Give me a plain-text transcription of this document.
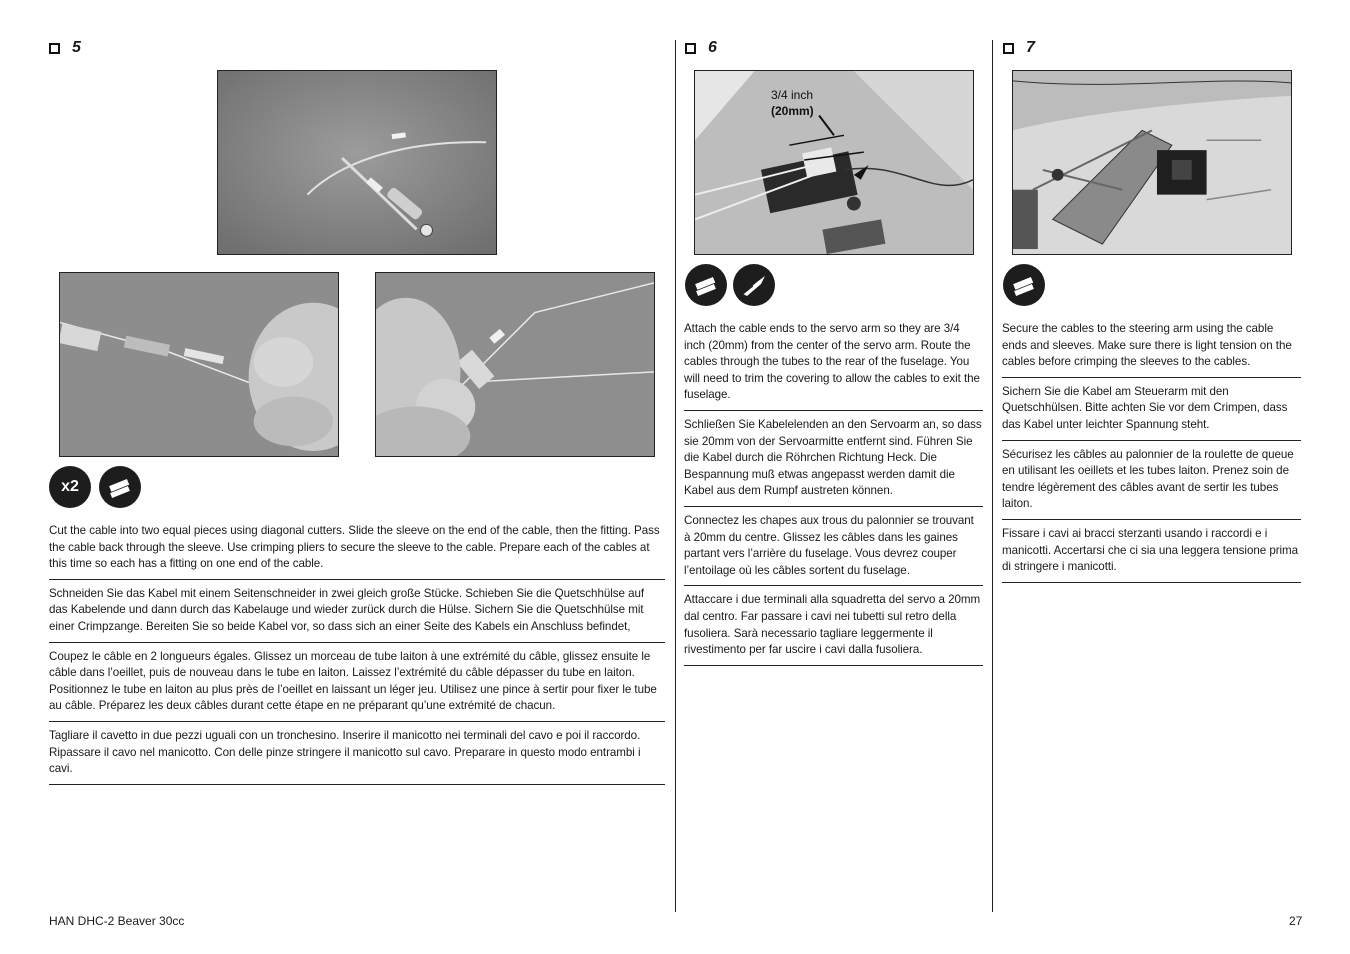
5
x2
Cut the cable into two equal pieces using diagonal cutters. Slide the sleeve on the end of the cable, then the fitting. Pass the cable back through the sleeve. Use crimping pliers to secure the sleeve to the cable. Prepare each of the cables at this time so each has a fitting on one end of the cable.
Schneiden Sie das Kabel mit einem Seitenschneider in zwei gleich große Stücke. Schieben Sie die Quetschhülse auf das Kabelende und dann durch das Kabelauge und wieder zurück durch die Hülse. Sichern Sie die Quetschhülse mit einer Crimpzange. Bereiten Sie so beide Kabel vor, so dass sich an einer Seite des Kabels ein Anschluss befindet,
Coupez le câble en 2 longueurs égales. Glissez un morceau de tube laiton à une extrémité du câble, glissez ensuite le câble dans l’oeillet, puis de nouveau dans le tube en laiton. Laissez l’extrémité du câble dépasser du tube en laiton. Positionnez le tube en laiton au plus près de l’oeillet en laissant un léger jeu. Utilisez une pince à sertir pour fixer le tube au câble. Préparez les deux câbles durant cette étape en ne préparant qu’une extrémité de chacun.
Tagliare il cavetto in due pezzi uguali con un tronchesino. Inserire il manicotto nei terminali del cavo e poi il raccordo. Ripassare il cavo nel manicotto. Con delle pinze stringere il manicotto sul cavo. Preparare in questo modo entrambi i cavi.
6
3/4 inch
(20mm)
Attach the cable ends to the servo arm so they are 3/4 inch (20mm) from the center of the servo arm. Route the cables through the tubes to the rear of the fuselage. You will need to trim the covering to allow the cables to exit the fuselage.
Schließen Sie Kabelelenden an den Servoarm an, so dass sie 20mm von der Servoarmitte entfernt sind. Führen Sie die Kabel durch die Röhrchen Richtung Heck. Die Bespannung muß etwas angepasst werden damit die Kabel aus dem Rumpf austreten können.
Connectez les chapes aux trous du palonnier se trouvant à 20mm du centre. Glissez les câbles dans les gaines partant vers l’arrière du fuselage. Vous devrez couper l’entoilage où les câbles sortent du fuselage.
Attaccare i due terminali alla squadretta del servo a 20mm dal centro. Far passare i cavi nei tubetti sul retro della fusoliera. Sarà necessario tagliare leggermente il rivestimento per far uscire i cavi dalla fusoliera.
7
Secure the cables to the steering arm using the cable ends and sleeves. Make sure there is light tension on the cables before crimping the sleeves to the cables.
Sichern Sie die Kabel am Steuerarm mit den Quetschhülsen. Bitte achten Sie vor dem Crimpen, dass das Kabel unter leichter Spannung steht.
Sécurisez les câbles au palonnier de la roulette de queue en utilisant les oeillets et les tubes laiton. Prenez soin de tendre légèrement des câbles avant de sertir les tubes laiton.
Fissare i cavi ai bracci sterzanti usando i raccordi e i manicotti. Accertarsi che ci sia una leggera tensione prima di stringere i manicotti.
HAN DHC-2 Beaver 30cc	27
